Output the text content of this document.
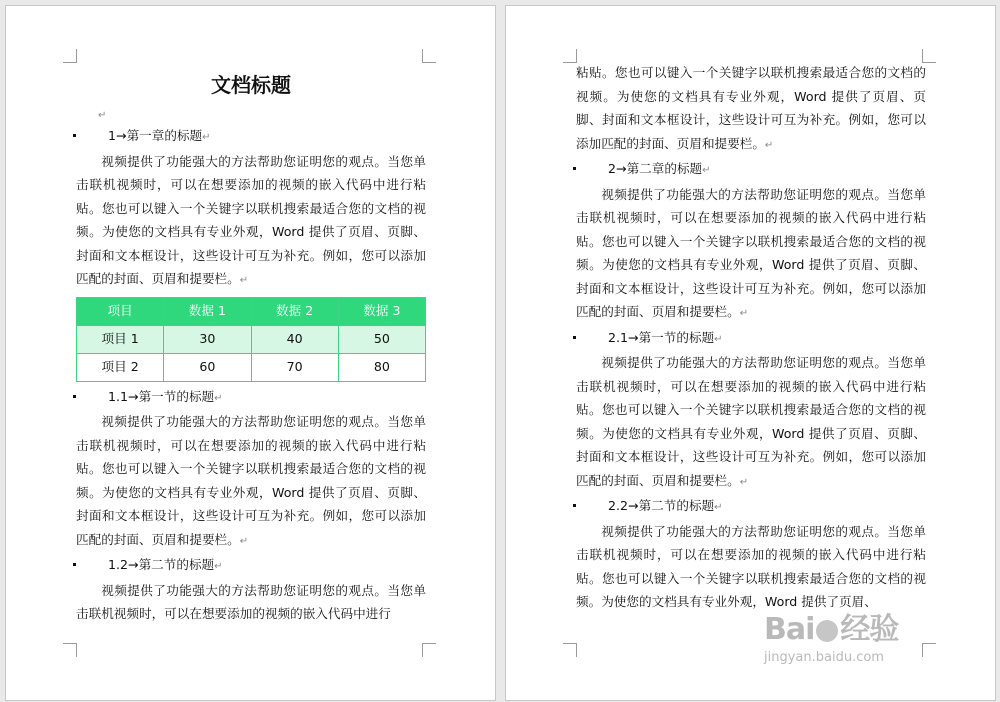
文档标题
↵
1→第一章的标题↵

视频提供了功能强大的方法帮助您证明您的观点。当您单击联机视频时，可以在想要添加的视频的嵌入代码中进行粘贴。您也可以键入一个关键字以联机搜索最适合您的文档的视频。为使您的文档具有专业外观，Word 提供了页眉、页脚、封面和文本框设计，这些设计可互为补充。例如，您可以添加匹配的封面、页眉和提要栏。↵

项目	数据 1	数据 2	数据 3
项目 1	30	40	50
项目 2	60	70	80
1.1→第一节的标题↵

视频提供了功能强大的方法帮助您证明您的观点。当您单击联机视频时，可以在想要添加的视频的嵌入代码中进行粘贴。您也可以键入一个关键字以联机搜索最适合您的文档的视频。为使您的文档具有专业外观，Word 提供了页眉、页脚、封面和文本框设计，这些设计可互为补充。例如，您可以添加匹配的封面、页眉和提要栏。↵

1.2→第二节的标题↵

视频提供了功能强大的方法帮助您证明您的观点。当您单击联机视频时，可以在想要添加的视频的嵌入代码中进行

粘贴。您也可以键入一个关键字以联机搜索最适合您的文档的视频。为使您的文档具有专业外观，Word 提供了页眉、页脚、封面和文本框设计，这些设计可互为补充。例如，您可以添加匹配的封面、页眉和提要栏。↵

2→第二章的标题↵

视频提供了功能强大的方法帮助您证明您的观点。当您单击联机视频时，可以在想要添加的视频的嵌入代码中进行粘贴。您也可以键入一个关键字以联机搜索最适合您的文档的视频。为使您的文档具有专业外观，Word 提供了页眉、页脚、封面和文本框设计，这些设计可互为补充。例如，您可以添加匹配的封面、页眉和提要栏。↵

2.1→第一节的标题↵

视频提供了功能强大的方法帮助您证明您的观点。当您单击联机视频时，可以在想要添加的视频的嵌入代码中进行粘贴。您也可以键入一个关键字以联机搜索最适合您的文档的视频。为使您的文档具有专业外观，Word 提供了页眉、页脚、封面和文本框设计，这些设计可互为补充。例如，您可以添加匹配的封面、页眉和提要栏。↵

2.2→第二节的标题↵

视频提供了功能强大的方法帮助您证明您的观点。当您单击联机视频时，可以在想要添加的视频的嵌入代码中进行粘贴。您也可以键入一个关键字以联机搜索最适合您的文档的视频。为使您的文档具有专业外观，Word 提供了页眉、

Bai 经验
jingyan.baidu.com
